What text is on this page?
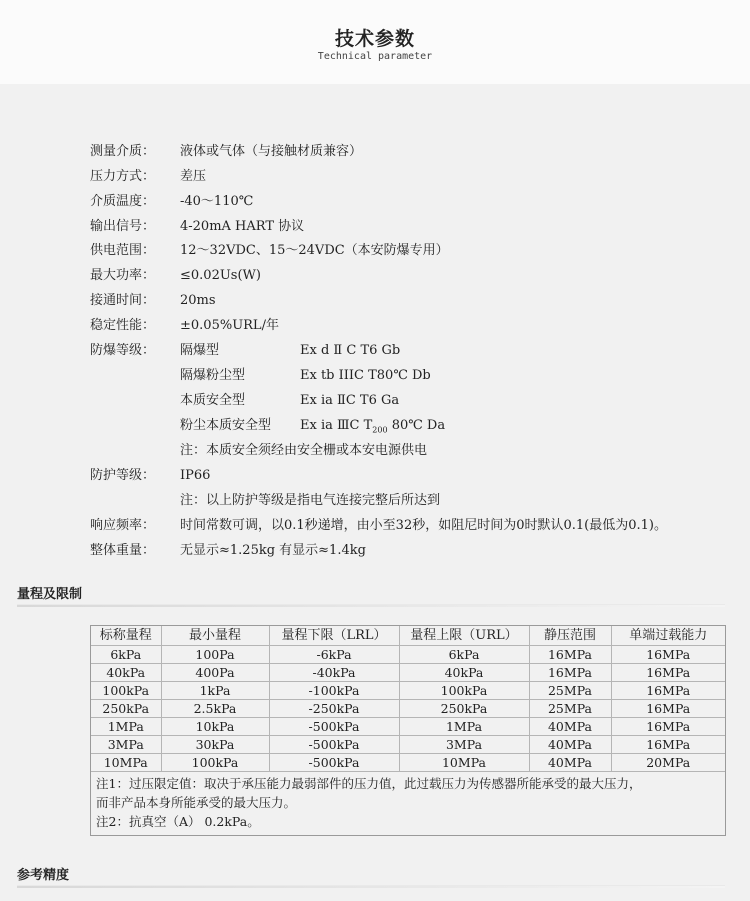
技术参数
Technical parameter
测量介质： 液体或气体（与接触材质兼容）
压力方式： 差压
介质温度： -40～110℃
输出信号： 4-20mA HART 协议
供电范围： 12～32VDC、15～24VDC（本安防爆专用）
最大功率： ≤0.02Us(W)
接通时间： 20ms
稳定性能： ±0.05%URL/年
防爆等级： 隔爆型	Ex d Ⅱ C T6 Gb
隔爆粉尘型	Ex tb IIIC T80℃ Db
本质安全型	Ex ia ⅡC T6 Ga
粉尘本质安全型 Ex ia ⅢC $T_{200}$ 80℃ Da
注：本质安全须经由安全栅或本安电源供电
防护等级： IP66
注：以上防护等级是指电气连接完整后所达到
响应频率： 时间常数可调，以0.1秒递增，由小至32秒，如阻尼时间为0时默认0.1(最低为0.1)。
整体重量： 无显示≈1.25kg 有显示≈1.4kg
量程及限制
标称量程	最小量程	量程下限（LRL）	量程上限（URL）	静压范围	单端过载能力
6kPa	100Pa	-6kPa	6kPa	16MPa	16MPa
40kPa	400Pa	-40kPa	40kPa	16MPa	16MPa
100kPa	1kPa	-100kPa	100kPa	25MPa	16MPa
250kPa	2.5kPa	-250kPa	250kPa	25MPa	16MPa
1MPa	10kPa	-500kPa	1MPa	40MPa	16MPa
3MPa	30kPa	-500kPa	3MPa	40MPa	16MPa
10MPa	100kPa	-500kPa	10MPa	40MPa	20MPa
注1：过压限定值：取决于承压能力最弱部件的压力值，此过载压力为传感器所能承受的最大压力，
而非产品本身所能承受的最大压力。
注2：抗真空（A） 0.2kPa。
参考精度
